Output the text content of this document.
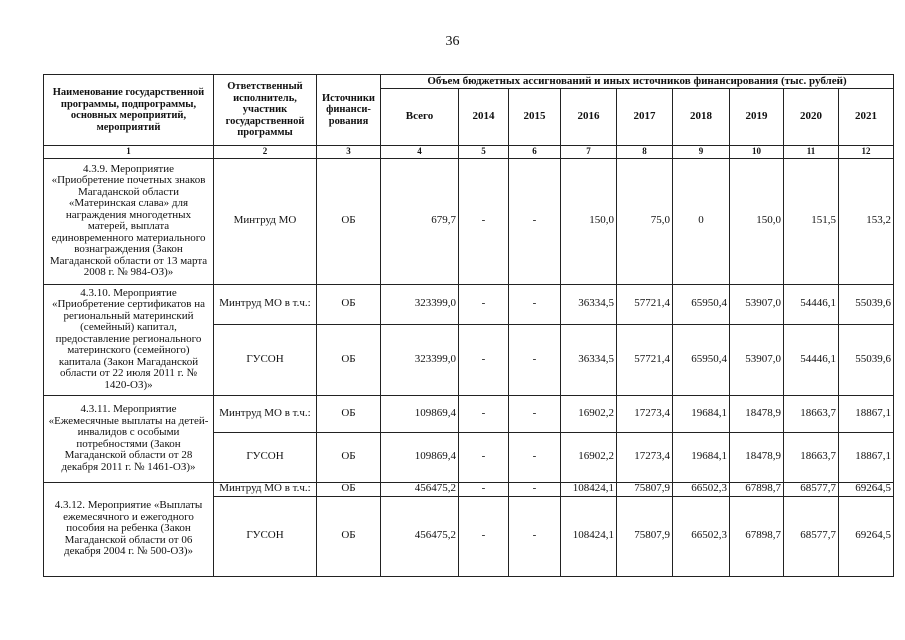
36
Наименование государственной программы, подпрограммы, основных мероприятий, мероприятий	Ответственный исполнитель, участник государственной программы	Источники финанси-рования	Объем бюджетных ассигнований и иных источников финансирования (тыс. рублей)								
			Всего	2014	2015	2016	2017	2018	2019	2020	2021
1	2	3	4	5	6	7	8	9	10	11	12
4.3.9. Мероприятие «Приобретение почетных знаков Магаданской области «Материнская слава» для награждения многодетных матерей, выплата единовременного материального вознаграждения (Закон Магаданской области от 13 марта 2008 г. № 984-ОЗ)»	Минтруд МО	ОБ	679,7	-	-	150,0	75,0	0	150,0	151,5	153,2
4.3.10. Мероприятие «Приобретение сертификатов на региональный материнский (семейный) капитал, предоставление регионального материнского (семейного) капитала (Закон Магаданской области от 22 июля 2011 г. № 1420-ОЗ)»	Минтруд МО в т.ч.:	ОБ	323399,0	-	-	36334,5	57721,4	65950,4	53907,0	54446,1	55039,6
	ГУСОН	ОБ	323399,0	-	-	36334,5	57721,4	65950,4	53907,0	54446,1	55039,6
4.3.11. Мероприятие «Ежемесячные выплаты на детей-инвалидов с особыми потребностями (Закон Магаданской области от 28 декабря 2011 г. № 1461-ОЗ)»	Минтруд МО в т.ч.:	ОБ	109869,4	-	-	16902,2	17273,4	19684,1	18478,9	18663,7	18867,1
	ГУСОН	ОБ	109869,4	-	-	16902,2	17273,4	19684,1	18478,9	18663,7	18867,1
4.3.12. Мероприятие «Выплаты ежемесячного и ежегодного пособия на ребенка (Закон Магаданской области от 06 декабря 2004 г. № 500-ОЗ)»	Минтруд МО в т.ч.:	ОБ	456475,2	-	-	108424,1	75807,9	66502,3	67898,7	68577,7	69264,5
	ГУСОН	ОБ	456475,2	-	-	108424,1	75807,9	66502,3	67898,7	68577,7	69264,5
